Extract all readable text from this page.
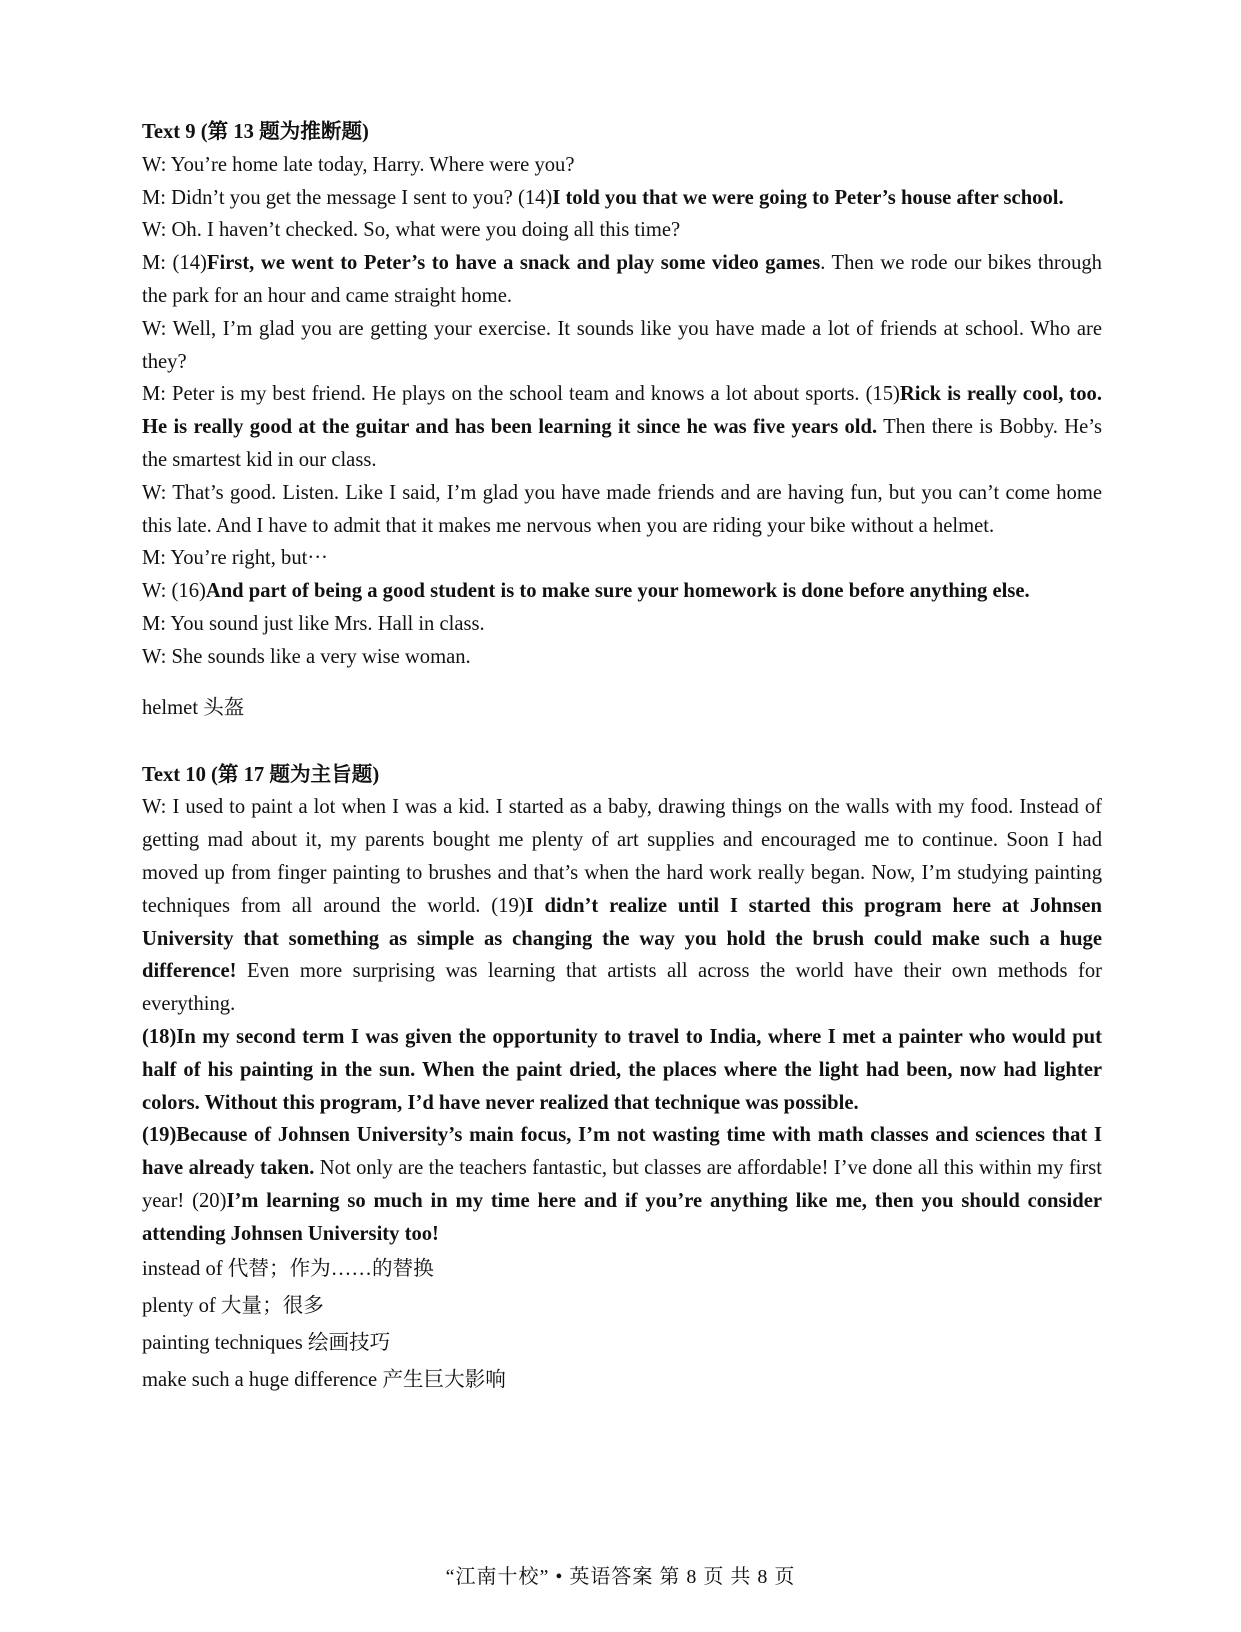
Text 9 (第 13 题为推断题)

W: You’re home late today, Harry. Where were you?

M: Didn’t you get the message I sent to you? (14)I told you that we were going to Peter’s house after school.

W: Oh. I haven’t checked. So, what were you doing all this time?

M: (14)First, we went to Peter’s to have a snack and play some video games. Then we rode our bikes through the park for an hour and came straight home.

W: Well, I’m glad you are getting your exercise. It sounds like you have made a lot of friends at school. Who are they?

M: Peter is my best friend. He plays on the school team and knows a lot about sports. (15)Rick is really cool, too. He is really good at the guitar and has been learning it since he was five years old. Then there is Bobby. He’s the smartest kid in our class.

W: That’s good. Listen. Like I said, I’m glad you have made friends and are having fun, but you can’t come home this late. And I have to admit that it makes me nervous when you are riding your bike without a helmet.

M: You’re right, but···

W: (16)And part of being a good student is to make sure your homework is done before anything else.

M: You sound just like Mrs. Hall in class.

W: She sounds like a very wise woman.

helmet 头盔

Text 10 (第 17 题为主旨题)

W: I used to paint a lot when I was a kid. I started as a baby, drawing things on the walls with my food. Instead of getting mad about it, my parents bought me plenty of art supplies and encouraged me to continue. Soon I had moved up from finger painting to brushes and that’s when the hard work really began. Now, I’m studying painting techniques from all around the world. (19)I didn’t realize until I started this program here at Johnsen University that something as simple as changing the way you hold the brush could make such a huge difference! Even more surprising was learning that artists all across the world have their own methods for everything.

(18)In my second term I was given the opportunity to travel to India, where I met a painter who would put half of his painting in the sun. When the paint dried, the places where the light had been, now had lighter colors. Without this program, I’d have never realized that technique was possible.

(19)Because of Johnsen University’s main focus, I’m not wasting time with math classes and sciences that I have already taken. Not only are the teachers fantastic, but classes are affordable! I’ve done all this within my first year! (20)I’m learning so much in my time here and if you’re anything like me, then you should consider attending Johnsen University too!

instead of 代替；作为……的替换

plenty of 大量；很多

painting techniques 绘画技巧

make such a huge difference 产生巨大影响

“江南十校” • 英语答案 第 8 页 共 8 页
